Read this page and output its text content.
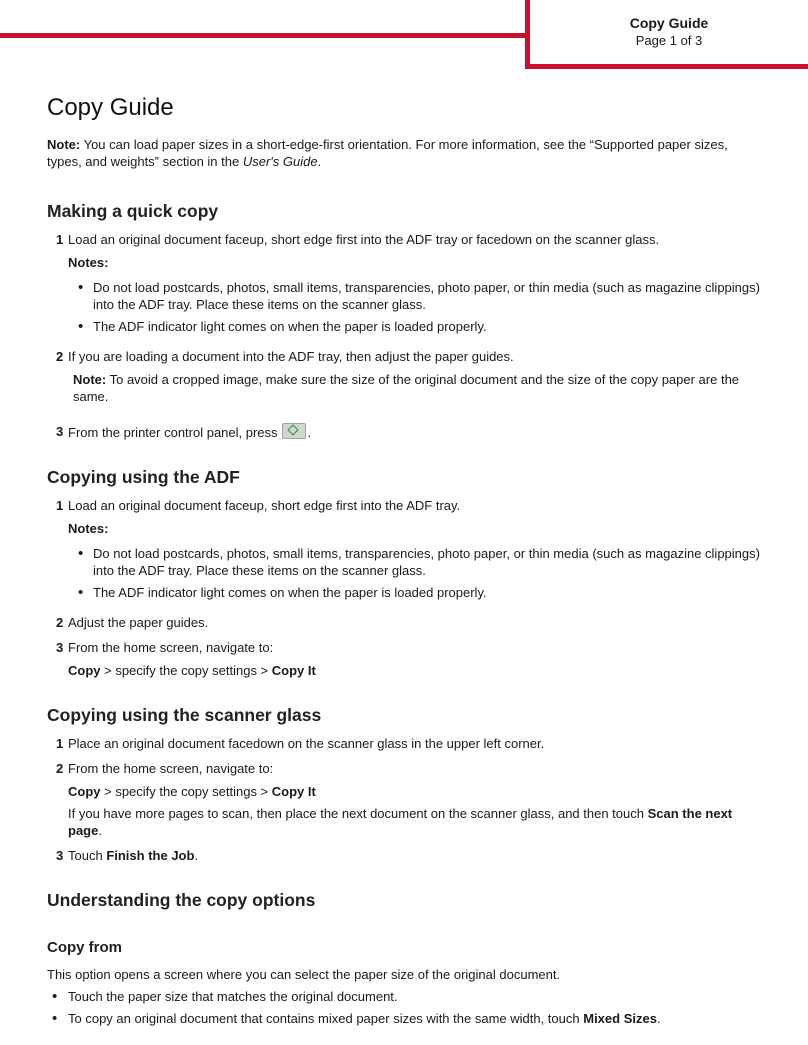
Copy Guide
Page 1 of 3
Copy Guide

Note: You can load paper sizes in a short-edge-first orientation. For more information, see the “Supported paper sizes, types, and weights” section in the User's Guide.

Making a quick copy
1 Load an original document faceup, short edge first into the ADF tray or facedown on the scanner glass.
Notes:
• Do not load postcards, photos, small items, transparencies, photo paper, or thin media (such as magazine clippings) into the ADF tray. Place these items on the scanner glass.
• The ADF indicator light comes on when the paper is loaded properly.
2 If you are loading a document into the ADF tray, then adjust the paper guides.
Note: To avoid a cropped image, make sure the size of the original document and the size of the copy paper are the same.
3 From the printer control panel, press .
Copying using the ADF
1 Load an original document faceup, short edge first into the ADF tray.
Notes:
• Do not load postcards, photos, small items, transparencies, photo paper, or thin media (such as magazine clippings) into the ADF tray. Place these items on the scanner glass.
• The ADF indicator light comes on when the paper is loaded properly.
2 Adjust the paper guides.
3 From the home screen, navigate to:
Copy > specify the copy settings > Copy It
Copying using the scanner glass
1 Place an original document facedown on the scanner glass in the upper left corner.
2 From the home screen, navigate to:
Copy > specify the copy settings > Copy It
If you have more pages to scan, then place the next document on the scanner glass, and then touch Scan the next page.
3 Touch Finish the Job.
Understanding the copy options
Copy from

This option opens a screen where you can select the paper size of the original document.

• Touch the paper size that matches the original document.
• To copy an original document that contains mixed paper sizes with the same width, touch Mixed Sizes.
